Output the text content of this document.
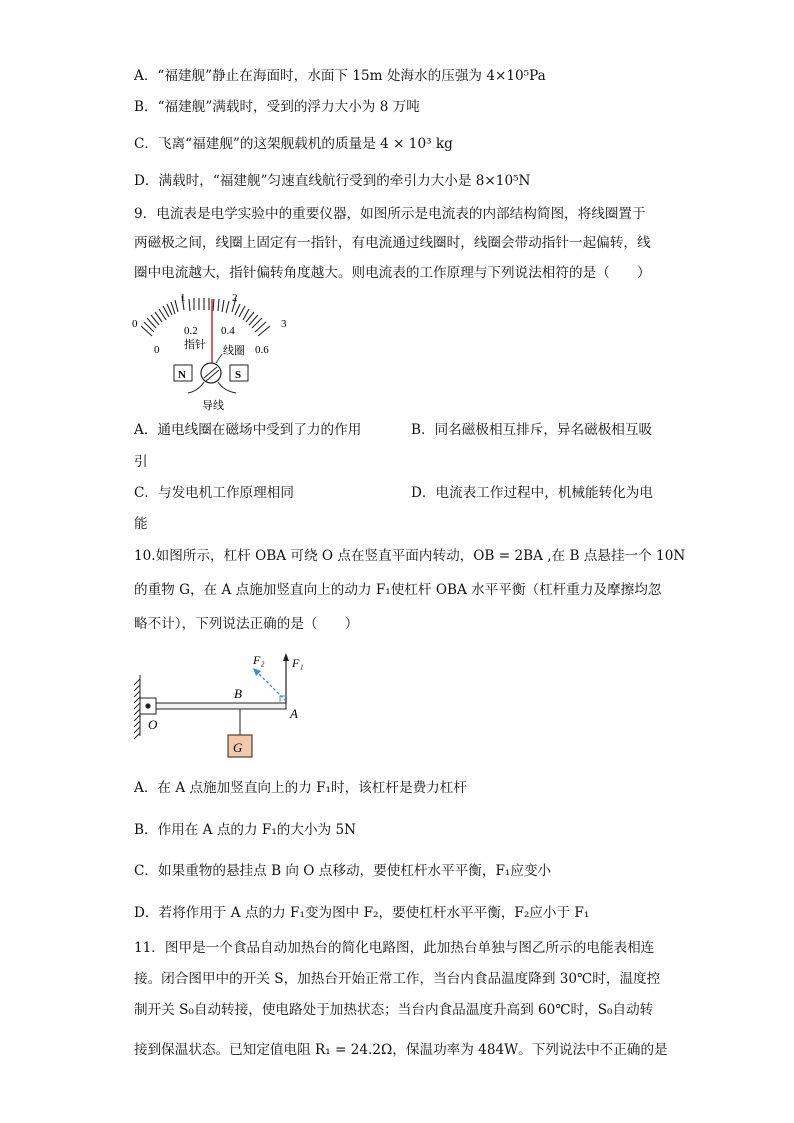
A．“福建舰”静止在海面时，水面下 15m 处海水的压强为 4×10⁵Pa
B．“福建舰”满载时，受到的浮力大小为 8 万吨
C．飞离“福建舰”的这架舰载机的质量是 4 × 10³ kg
D．满载时，“福建舰”匀速直线航行受到的牵引力大小是 8×10⁵N
9．电流表是电学实验中的重要仪器，如图所示是电流表的内部结构简图，将线圈置于
两磁极之间，线圈上固定有一指针，有电流通过线圈时，线圈会带动指针一起偏转，线
圈中电流越大，指针偏转角度越大。则电流表的工作原理与下列说法相符的是（　　）
0
1	2
3
0
0.2 0.4
0.6
指针 线圈
N	S
导线
A．通电线圈在磁场中受到了力的作用	B．同名磁极相互排斥，异名磁极相互吸
引
C．与发电机工作原理相同	D．电流表工作过程中，机械能转化为电
能
10.如图所示，杠杆 OBA 可绕 O 点在竖直平面内转动，OB = 2BA ,在 B 点悬挂一个 10N
的重物 G，在 A 点施加竖直向上的动力 F₁使杠杆 OBA 水平平衡（杠杆重力及摩擦均忽
略不计），下列说法正确的是（　　）
G
F₁
F₂
B
O
A
A．在 A 点施加竖直向上的力 F₁时，该杠杆是费力杠杆
B．作用在 A 点的力 F₁的大小为 5N
C．如果重物的悬挂点 B 向 O 点移动，要使杠杆水平平衡，F₁应变小
D．若将作用于 A 点的力 F₁变为图中 F₂，要使杠杆水平平衡，F₂应小于 F₁
11．图甲是一个食品自动加热台的简化电路图，此加热台单独与图乙所示的电能表相连
接。闭合图甲中的开关 S，加热台开始正常工作，当台内食品温度降到 30℃时，温度控
制开关 S₀自动转接，使电路处于加热状态；当台内食品温度升高到 60℃时，S₀自动转
接到保温状态。已知定值电阻 R₁ = 24.2Ω，保温功率为 484W。下列说法中不正确的是
